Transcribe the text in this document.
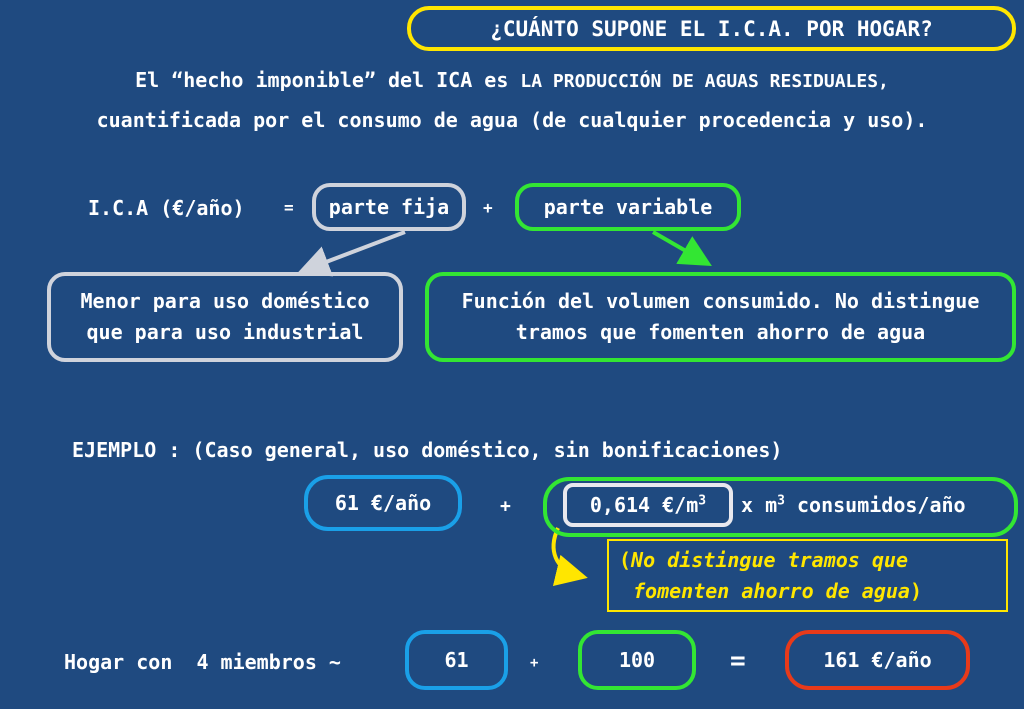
¿CUÁNTO SUPONE EL I.C.A. POR HOGAR?
El “hecho imponible” del ICA es LA PRODUCCIÓN DE AGUAS RESIDUALES,
cuantificada por el consumo de agua (de cualquier procedencia y uso).
I.C.A (€/año) = parte fija +	parte variable
Menor para uso doméstico
que para uso industrial
Función del volumen consumido. No distingue
tramos que fomenten ahorro de agua
EJEMPLO : (Caso general, uso doméstico, sin bonificaciones)
61 €/año	+	0,614 $€/m^3$ x $m^3$ consumidos/año
(No distingue tramos que
fomenten ahorro de agua)
Hogar con  4 miembros ~	61	+	100	=	161 €/año
